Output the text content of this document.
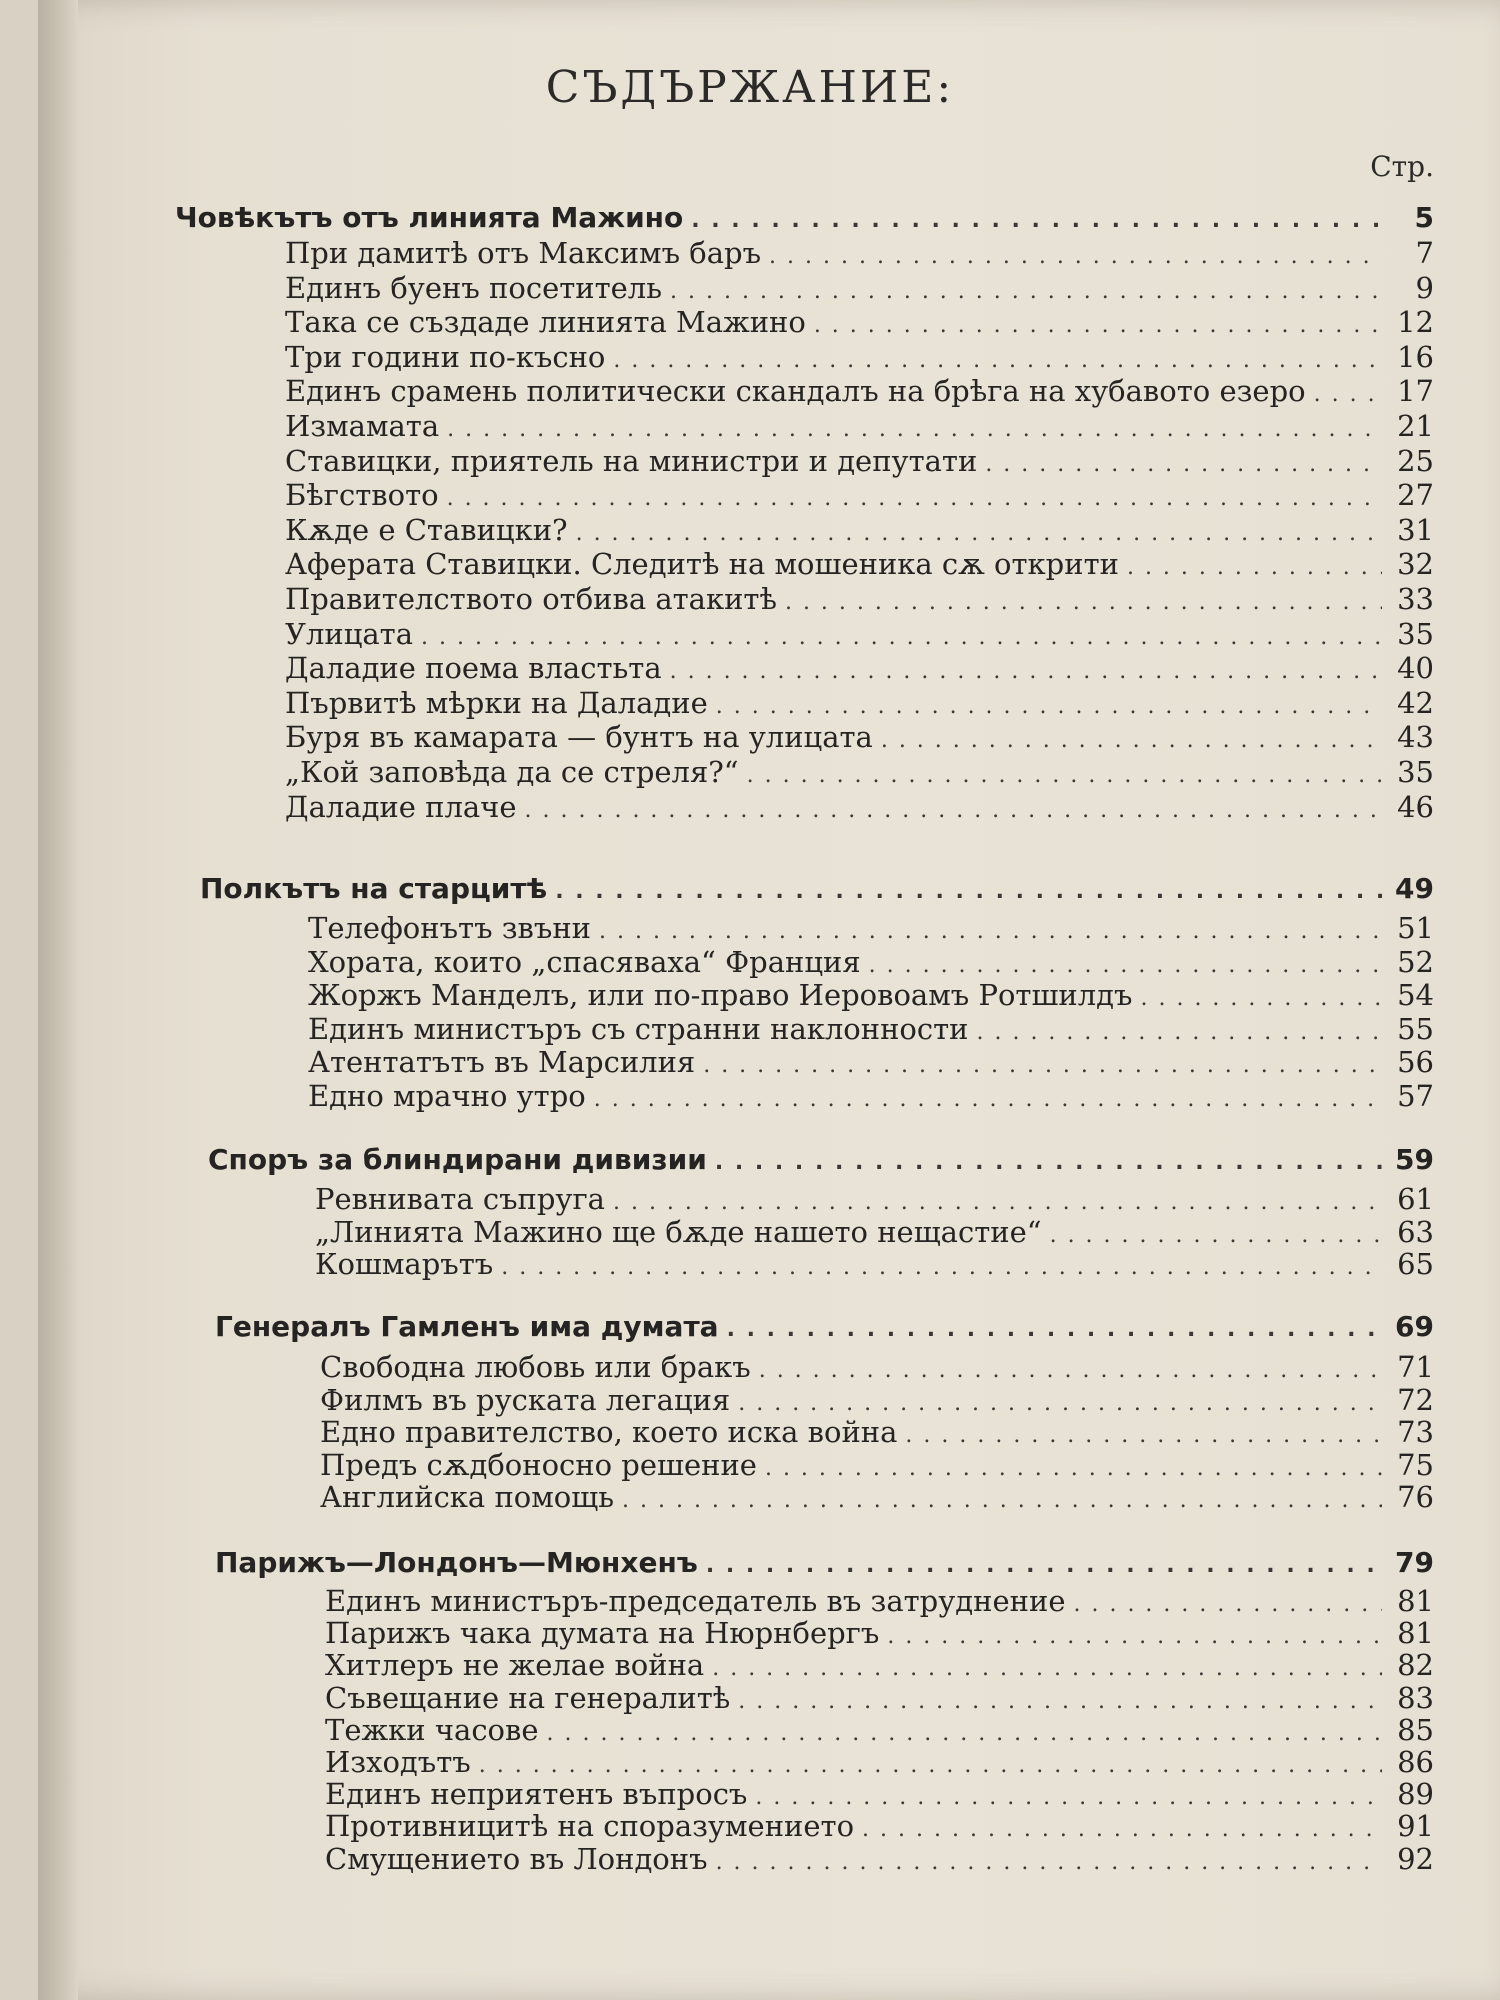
СЪДЪРЖАНИЕ:
Стр.
Човѣкътъ отъ линията Мажино . .	5
При дамитѣ отъ Максимъ баръ . .	7
Единъ буенъ посетитель . .	9
Така се създаде линията Мажино . .	12
Три години по-късно . .	16
Единъ срамень политически скандалъ на брѣга на хубавото езеро . .	17
Измамата . .	21
Ставицки, приятель на министри и депутати . .	25
Бѣгството . .	27
Кѫде е Ставицки? . .	31
Аферата Ставицки. Следитѣ на мошеника сѫ открити . .	32
Правителството отбива атакитѣ . .	33
Улицата . .	35
Даладие поема властьта . .	40
Първитѣ мѣрки на Даладие . .	42
Буря въ камарата — бунтъ на улицата . .	43
„Кой заповѣда да се стреля?“ . .	35
Даладие плаче . .	46
Полкътъ на старцитѣ . .	49
Телефонътъ звъни . .	51
Хората, които „спасяваха“ Франция . .	52
Жоржъ Манделъ, или по-право Иеровоамъ Ротшилдъ . .	54
Единъ министъръ съ странни наклонности . .	55
Атентатътъ въ Марсилия . .	56
Едно мрачно утро . .	57
Споръ за блиндирани дивизии . .	59
Ревнивата съпруга . .	61
„Линията Мажино ще бѫде нашето нещастие“ . .	63
Кошмарътъ . .	65
Генералъ Гамленъ има думата . .	69
Свободна любовь или бракъ . .	71
Филмъ въ руската легация . .	72
Едно правителство, което иска война . .	73
Предъ сѫдбоносно решение . .	75
Английска помощь . .	76
Парижъ—Лондонъ—Мюнхенъ . .	79
Единъ министъръ-председатель въ затруднение . .	81
Парижъ чака думата на Нюрнбергъ . .	81
Хитлеръ не желае война . .	82
Съвещание на генералитѣ . .	83
Тежки часове . .	85
Изходътъ . .	86
Единъ неприятенъ въпросъ . .	89
Противницитѣ на споразумението . .	91
Смущението въ Лондонъ . .	92
